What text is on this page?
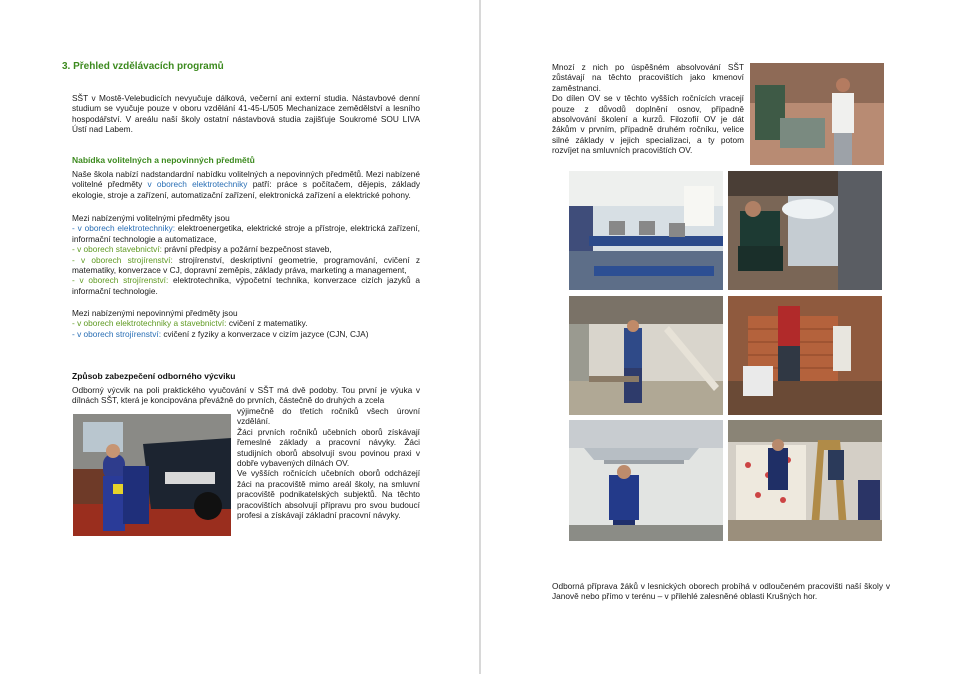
3. Přehled vzdělávacích programů

SŠT v Mostě-Velebudicích nevyučuje dálková, večerní ani externí studia. Nástavbové denní studium se vyučuje pouze v oboru vzdělání 41-45-L/505 Mechanizace zemědělství a lesního hospodářství. V areálu naší školy ostatní nástavbová studia zajišťuje Soukromé SOU LIVA Ústí nad Labem.

Nabídka volitelných a nepovinných předmětů

Naše škola nabízí nadstandardní nabídku volitelných a nepovinných předmětů. Mezi nabízené volitelné předměty v oborech elektrotechniky patří: práce s počítačem, dějepis, základy ekologie, stroje a zařízení, automatizační zařízení, elektronická zařízení a elektrické pohony.

Mezi nabízenými volitelnými předměty jsou

- v oborech elektrotechniky: elektroenergetika, elektrické stroje a přístroje, elektrická zařízení, informační technologie a automatizace,

- v oborech stavebnictví: právní předpisy a požární bezpečnost staveb,

- v oborech strojírenství: strojírenství, deskriptivní geometrie, programování, cvičení z matematiky, konverzace v CJ, dopravní zeměpis, základy práva, marketing a management,

- v oborech strojírenství: elektrotechnika, výpočetní technika, konverzace cizích jazyků a informační technologie.

Mezi nabízenými nepovinnými předměty jsou

- v oborech elektrotechniky a stavebnictví: cvičení z matematiky.

- v oborech strojírenství: cvičení z fyziky a konverzace v cizím jazyce (CJN, CJA)

Způsob zabezpečení odborného výcviku

Odborný výcvik na poli praktického vyučování v SŠT má dvě podoby. Tou první je výuka v dílnách SŠT, která je koncipována převážně do prvních, částečně do druhých a zcela

výjimečně do třetích ročníků všech úrovní vzdělání.

Žáci prvních ročníků učebních oborů získávají řemeslné základy a pracovní návyky. Žáci studijních oborů absolvují svou povinou praxi v dobře vybavených dílnách OV.

Ve vyšších ročnících učebních oborů odcházejí žáci na pracoviště mimo areál školy, na smluvní pracoviště podnikatelských subjektů. Na těchto pracovištích absolvují přípravu pro svou budoucí profesi a získávají základní pracovní návyky.

Mnozí z nich po úspěšném absolvování SŠT zůstávají na těchto pracovištích jako kmenoví zaměstnanci.

Do dílen OV se v těchto vyšších ročnících vracejí pouze z důvodů doplnění osnov, případně absolvování školení a kurzů. Filozofií OV je dát žákům v prvním, případně druhém ročníku, velice silné základy v jejich specializaci, a ty potom rozvíjet na smluvních pracovištích OV.

Odborná příprava žáků v lesnických oborech probíhá v odloučeném pracovišti naší školy v Janově nebo přímo v terénu – v přilehlé zalesněné oblasti Krušných hor.
